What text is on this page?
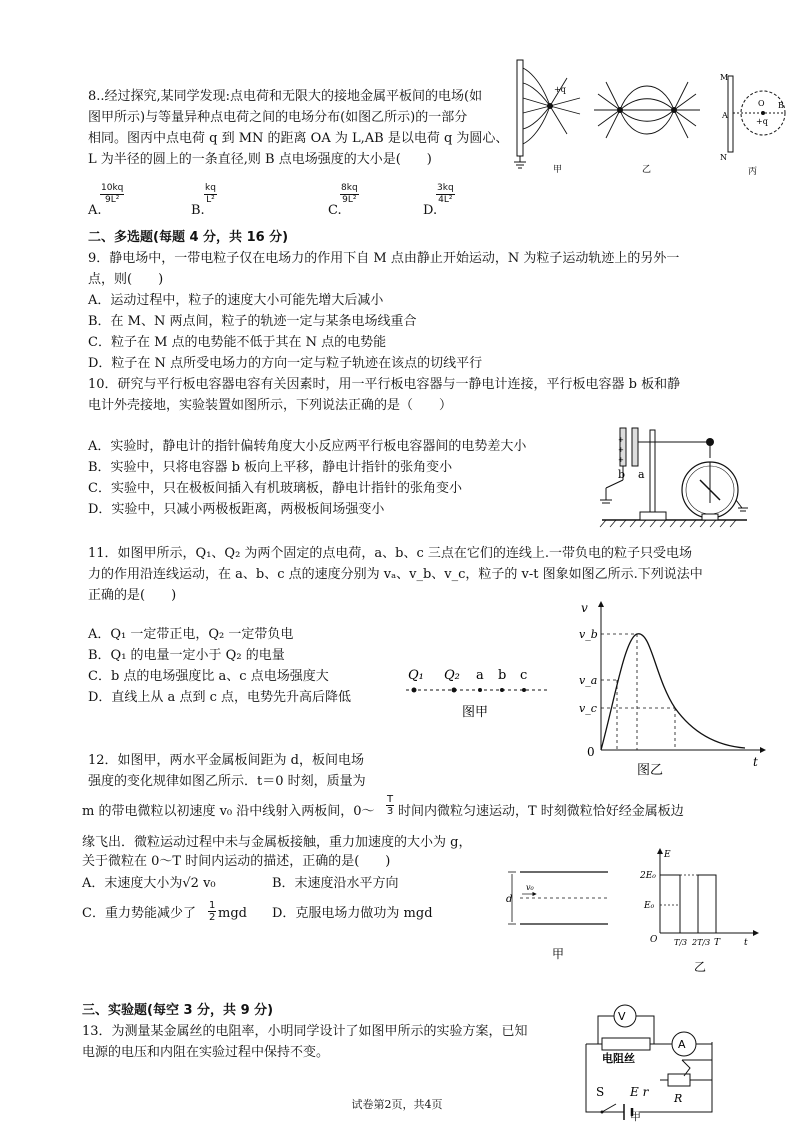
8..经过探究,某同学发现:点电荷和无限大的接地金属平板间的电场(如
图甲所示)与等量异种点电荷之间的电场分布(如图乙所示)的一部分
相同。图丙中点电荷 q 到 MN 的距离 OA 为 L,AB 是以电荷 q 为圆心、
L 为半径的圆上的一条直径,则 B 点电场强度的大小是(　　)
A.
$\frac{10kq}{\text{9L²}}$
B.
$\frac{kq}{\text{L²}}$
C.
$\frac{8kq}{\text{9L²}}$
D.
$\frac{3kq}{\text{4L²}}$
+q
甲	乙
M
N
A
O
+q
B
丙
二、多选题(每题 4 分，共 16 分)
9．静电场中，一带电粒子仅在电场力的作用下自 M 点由静止开始运动，N 为粒子运动轨迹上的另外一
点，则(　　)
A．运动过程中，粒子的速度大小可能先增大后减小
B．在 M、N 两点间，粒子的轨迹一定与某条电场线重合
C．粒子在 M 点的电势能不低于其在 N 点的电势能
D．粒子在 N 点所受电场力的方向一定与粒子轨迹在该点的切线平行
10．研究与平行板电容器电容有关因素时，用一平行板电容器与一静电计连接，平行板电容器 b 板和静
电计外壳接地，实验装置如图所示，下列说法正确的是（　　）
A．实验时，静电计的指针偏转角度大小反应两平行板电容器间的电势差大小
B．实验中，只将电容器 b 板向上平移，静电计指针的张角变小
C．实验中，只在极板间插入有机玻璃板，静电计指针的张角变小
D．实验中，只减小两极板距离，两极板间场强变小
+
+
+
b a
11．如图甲所示，Q₁、Q₂ 为两个固定的点电荷，a、b、c 三点在它们的连线上.一带负电的粒子只受电场
力的作用沿连线运动，在 a、b、c 点的速度分别为 vₐ、v_b、v_c，粒子的 v-t 图象如图乙所示.下列说法中
正确的是(　　)
A．Q₁ 一定带正电，Q₂ 一定带负电
B．Q₁ 的电量一定小于 Q₂ 的电量
C．b 点的电场强度比 a、c 点电场强度大
D．直线上从 a 点到 c 点，电势先升高后降低
Q₁ Q₂ a b c
图甲
v
v_b
v_a
v_c
0
t
图乙
12．如图甲，两水平金属板间距为 d，板间电场
强度的变化规律如图乙所示．t＝0 时刻，质量为
m 的带电微粒以初速度 v₀ 沿中线射入两板间，0～ $\frac{T}{3}$ 时间内微粒匀速运动，T 时刻微粒恰好经金属板边
缘飞出．微粒运动过程中未与金属板接触，重力加速度的大小为 g，
关于微粒在 0～T 时间内运动的描述，正确的是(　　)
A．末速度大小为√2 v₀	B．末速度沿水平方向
C．重力势能减少了 $\frac{1}{2}$ mgd D．克服电场力做功为 mgd
d
v₀
甲
E
2E₀
E₀
O T/3 2T/3 T	t
乙
三、实验题(每空 3 分，共 9 分)
13．为测量某金属丝的电阻率，小明同学设计了如图甲所示的实验方案，已知
电源的电压和内阻在实验过程中保持不变。
V
A
电阻丝
S E r R
试卷第2页，共4页
甲
